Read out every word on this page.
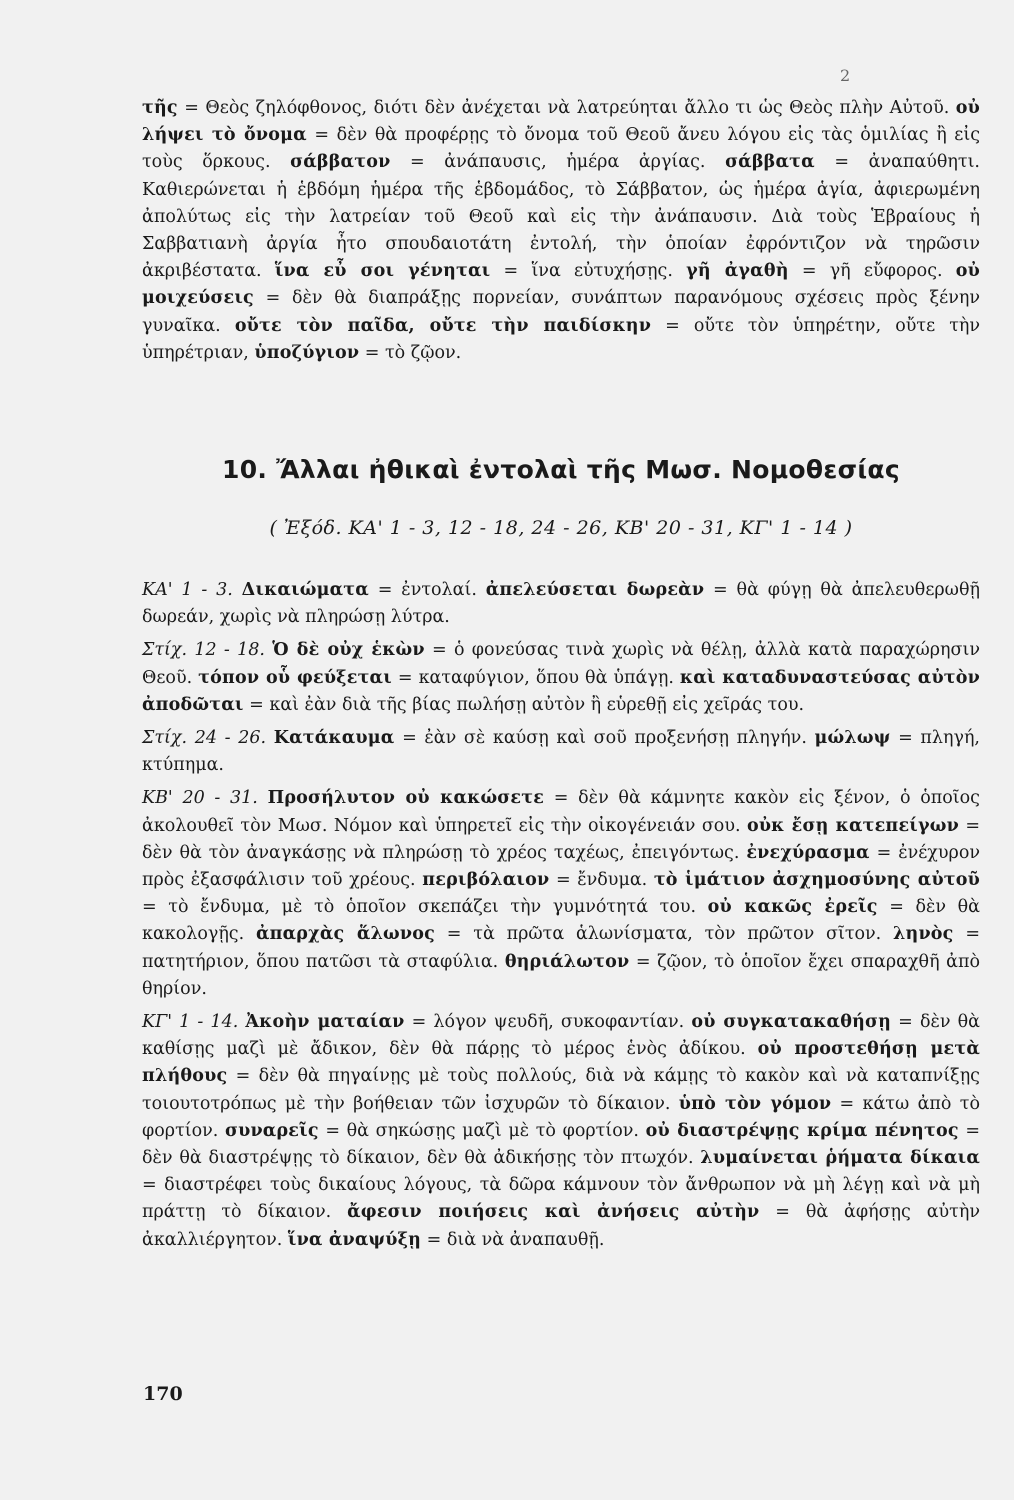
2

τῆς = Θεὸς ζηλόφθονος, διότι δὲν ἀνέχεται νὰ λατρεύηται ἄλλο τι ὡς Θεὸς πλὴν Αὐτοῦ. οὐ λήψει τὸ ὄνομα = δὲν θὰ προφέρῃς τὸ ὄνομα τοῦ Θεοῦ ἄνευ λόγου εἰς τὰς ὁμιλίας ἢ εἰς τοὺς ὅρκους. σάββατον = ἀνάπαυσις, ἡμέρα ἀργίας. σάββατα = ἀναπαύθητι. Καθιερώνεται ἡ ἑβδόμη ἡμέρα τῆς ἑβδομάδος, τὸ Σάββατον, ὡς ἡμέρα ἁγία, ἀφιερωμένη ἀπολύτως εἰς τὴν λατρείαν τοῦ Θεοῦ καὶ εἰς τὴν ἀνάπαυσιν. Διὰ τοὺς Ἑβραίους ἡ Σαββατιανὴ ἀργία ἦτο σπουδαιοτάτη ἐντολή, τὴν ὁποίαν ἐφρόντιζον νὰ τηρῶσιν ἀκριβέστατα. ἵνα εὖ σοι γένηται = ἵνα εὐτυχήσῃς. γῆ ἀγαθὴ = γῆ εὔφορος. οὐ μοιχεύσεις = δὲν θὰ διαπράξῃς πορνείαν, συνάπτων παρανόμους σχέσεις πρὸς ξένην γυναῖκα. οὔτε τὸν παῖδα, οὔτε τὴν παιδίσκην = οὔτε τὸν ὑπηρέτην, οὔτε τὴν ὑπηρέτριαν, ὑποζύγιον = τὸ ζῷον.

10. Ἄλλαι ἠθικαὶ ἐντολαὶ τῆς Μωσ. Νομοθεσίας
( Ἐξόδ. ΚΑ' 1 - 3, 12 - 18, 24 - 26, ΚΒ' 20 - 31, ΚΓ' 1 - 14 )

ΚΑ' 1 - 3. Δικαιώματα = ἐντολαί. ἀπελεύσεται δωρεὰν = θὰ φύγῃ θὰ ἀπελευθερωθῇ δωρεάν, χωρὶς νὰ πληρώσῃ λύτρα.

Στίχ. 12 - 18. Ὁ δὲ οὐχ ἑκὼν = ὁ φονεύσας τινὰ χωρὶς νὰ θέλῃ, ἀλλὰ κατὰ παραχώρησιν Θεοῦ. τόπον οὗ φεύξεται = καταφύγιον, ὅπου θὰ ὑπάγῃ. καὶ καταδυναστεύσας αὐτὸν ἀποδῶται = καὶ ἐὰν διὰ τῆς βίας πωλήσῃ αὐτὸν ἢ εὑρεθῇ εἰς χεῖράς του.

Στίχ. 24 - 26. Κατάκαυμα = ἐὰν σὲ καύσῃ καὶ σοῦ προξενήσῃ πληγήν. μώλωψ = πληγή, κτύπημα.

ΚΒ' 20 - 31. Προσήλυτον οὐ κακώσετε = δὲν θὰ κάμνητε κακὸν εἰς ξένον, ὁ ὁποῖος ἀκολουθεῖ τὸν Μωσ. Νόμον καὶ ὑπηρετεῖ εἰς τὴν οἰκογένειάν σου. οὐκ ἔσῃ κατεπείγων = δὲν θὰ τὸν ἀναγκάσῃς νὰ πληρώσῃ τὸ χρέος ταχέως, ἐπειγόντως. ἐνεχύρασμα = ἐνέχυρον πρὸς ἐξασφάλισιν τοῦ χρέους. περιβόλαιον = ἔνδυμα. τὸ ἱμάτιον ἀσχημοσύνης αὐτοῦ = τὸ ἔνδυμα, μὲ τὸ ὁποῖον σκεπάζει τὴν γυμνότητά του. οὐ κακῶς ἐρεῖς = δὲν θὰ κακολογῇς. ἀπαρχὰς ἅλωνος = τὰ πρῶτα ἁλωνίσματα, τὸν πρῶτον σῖτον. ληνὸς = πατητήριον, ὅπου πατῶσι τὰ σταφύλια. θηριάλωτον = ζῷον, τὸ ὁποῖον ἔχει σπαραχθῆ ἀπὸ θηρίον.

ΚΓ' 1 - 14. Ἀκοὴν ματαίαν = λόγον ψευδῆ, συκοφαντίαν. οὐ συγκατακαθήσῃ = δὲν θὰ καθίσῃς μαζὶ μὲ ἄδικον, δὲν θὰ πάρῃς τὸ μέρος ἑνὸς ἀδίκου. οὐ προστεθήσῃ μετὰ πλήθους = δὲν θὰ πηγαίνῃς μὲ τοὺς πολλούς, διὰ νὰ κάμῃς τὸ κακὸν καὶ νὰ καταπνίξῃς τοιουτοτρόπως μὲ τὴν βοήθειαν τῶν ἰσχυρῶν τὸ δίκαιον. ὑπὸ τὸν γόμον = κάτω ἀπὸ τὸ φορτίον. συναρεῖς = θὰ σηκώσῃς μαζὶ μὲ τὸ φορτίον. οὐ διαστρέψῃς κρίμα πένητος = δὲν θὰ διαστρέψῃς τὸ δίκαιον, δὲν θὰ ἀδικήσῃς τὸν πτωχόν. λυμαίνεται ῥήματα δίκαια = διαστρέφει τοὺς δικαίους λόγους, τὰ δῶρα κάμνουν τὸν ἄνθρωπον νὰ μὴ λέγῃ καὶ νὰ μὴ πράττῃ τὸ δίκαιον. ἄφεσιν ποιήσεις καὶ ἀνήσεις αὐτὴν = θὰ ἀφήσῃς αὐτὴν ἀκαλλιέργητον. ἵνα ἀναψύξῃ = διὰ νὰ ἀναπαυθῇ.

170
